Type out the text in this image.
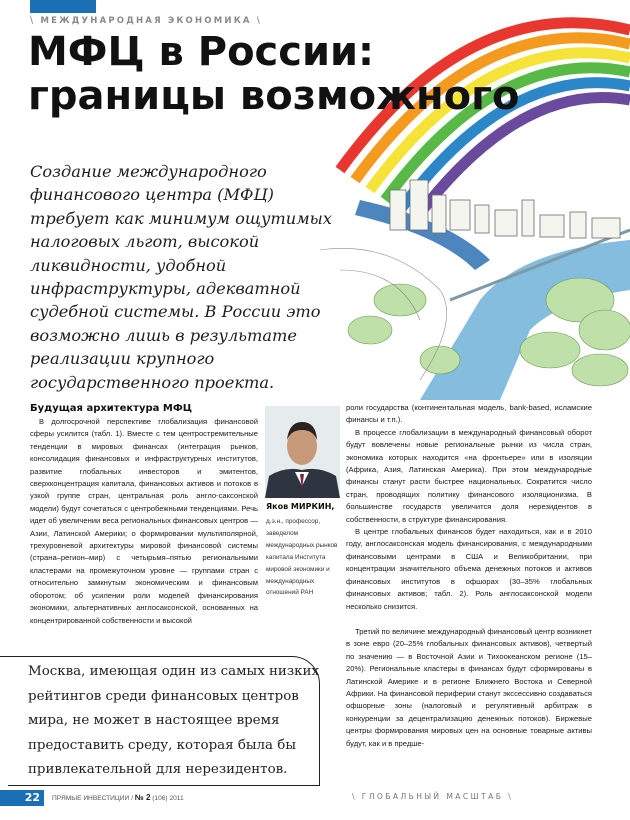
\ МЕЖДУНАРОДНАЯ ЭКОНОМИКА \
МФЦ в России:
границы возможного
Создание международного финансового центра (МФЦ) требует как минимум ощутимых налоговых льгот, высокой ликвидности, удобной инфраструктуры, адекватной судебной системы. В России это возможно лишь в результате реализации крупного государственного проекта.
Будущая архитектура МФЦ

В долгосрочной перспективе глобализация финансовой сферы усилится (табл. 1). Вместе с тем центростремительные тенденции в мировых финансах (интеграция рынков, консолидация финансовых и инфраструктурных институтов, развитие глобальных инвесторов и эмитентов, сверхконцентрация капитала, финансовых активов и потоков в узкой группе стран, центральная роль англо-саксонской модели) будут сочетаться с центробежными тенденциями. Речь идет об увеличении веса региональных финансовых центров — Азии, Латинской Америки; о формировании мультиполярной, трехуровневой архитектуры мировой финансовой системы (страна–регион–мир) с четырьмя–пятью региональными кластерами на промежуточном уровне — группами стран с относительно замкнутым экономическим и финансовым оборотом; об усилении роли моделей финансирования экономики, альтернативных англосаксонской, основанных на концентрированной собственности и высокой

Яков МИРКИН,
д.э.н., профессор, заведелом международных рынков капитала Института мировой экономики и международных отношений РАН

роли государства (континентальная модель, bank-based, исламские финансы и т.п.).

В процессе глобализации в международный финансовый оборот будут вовлечены новые региональные рынки из числа стран, экономика которых находится «на фронтьере» или в изоляции (Африка, Азия, Латинская Америка). При этом международные финансы станут расти быстрее национальных. Сократится число стран, проводящих политику финансового изоляционизма. В большинстве государств увеличится доля нерезидентов в собственности, в структуре финансирования.

В центре глобальных финансов будет находиться, как и в 2010 году, англосаксонская модель финансирования, с международными финансовыми центрами в США и Великобритании, при концентрации значительного объема денежных потоков и активов финансовых институтов в офшорах (30–35% глобальных финансовых активов; табл. 2). Роль англосаксонской модели несколько снизится.

Москва, имеющая один из самых низких рейтингов среди финансовых центров мира, не может в настоящее время предоставить среду, которая была бы привлекательной для нерезидентов.

Третий по величине международный финансовый центр возникнет в зоне евро (20–25% глобальных финансовых активов), четвертый по значению — в Восточной Азии и Тихоокеанском регионе (15–20%). Региональные кластеры в финансах будут сформированы в Латинской Америке и в регионе Ближнего Востока и Северной Африки. На финансовой периферии станут экссесcивно создаваться офшорные зоны (налоговый и регулятивный арбитраж в конкуренции за децентрализацию денежных потоков). Биржевые центры формирования мировых цен на основные товарные активы будут, как и в предше-

22	ПРЯМЫЕ ИНВЕСТИЦИИ / № 2 (106) 2011	\ ГЛОБАЛЬНЫЙ МАСШТАБ \
